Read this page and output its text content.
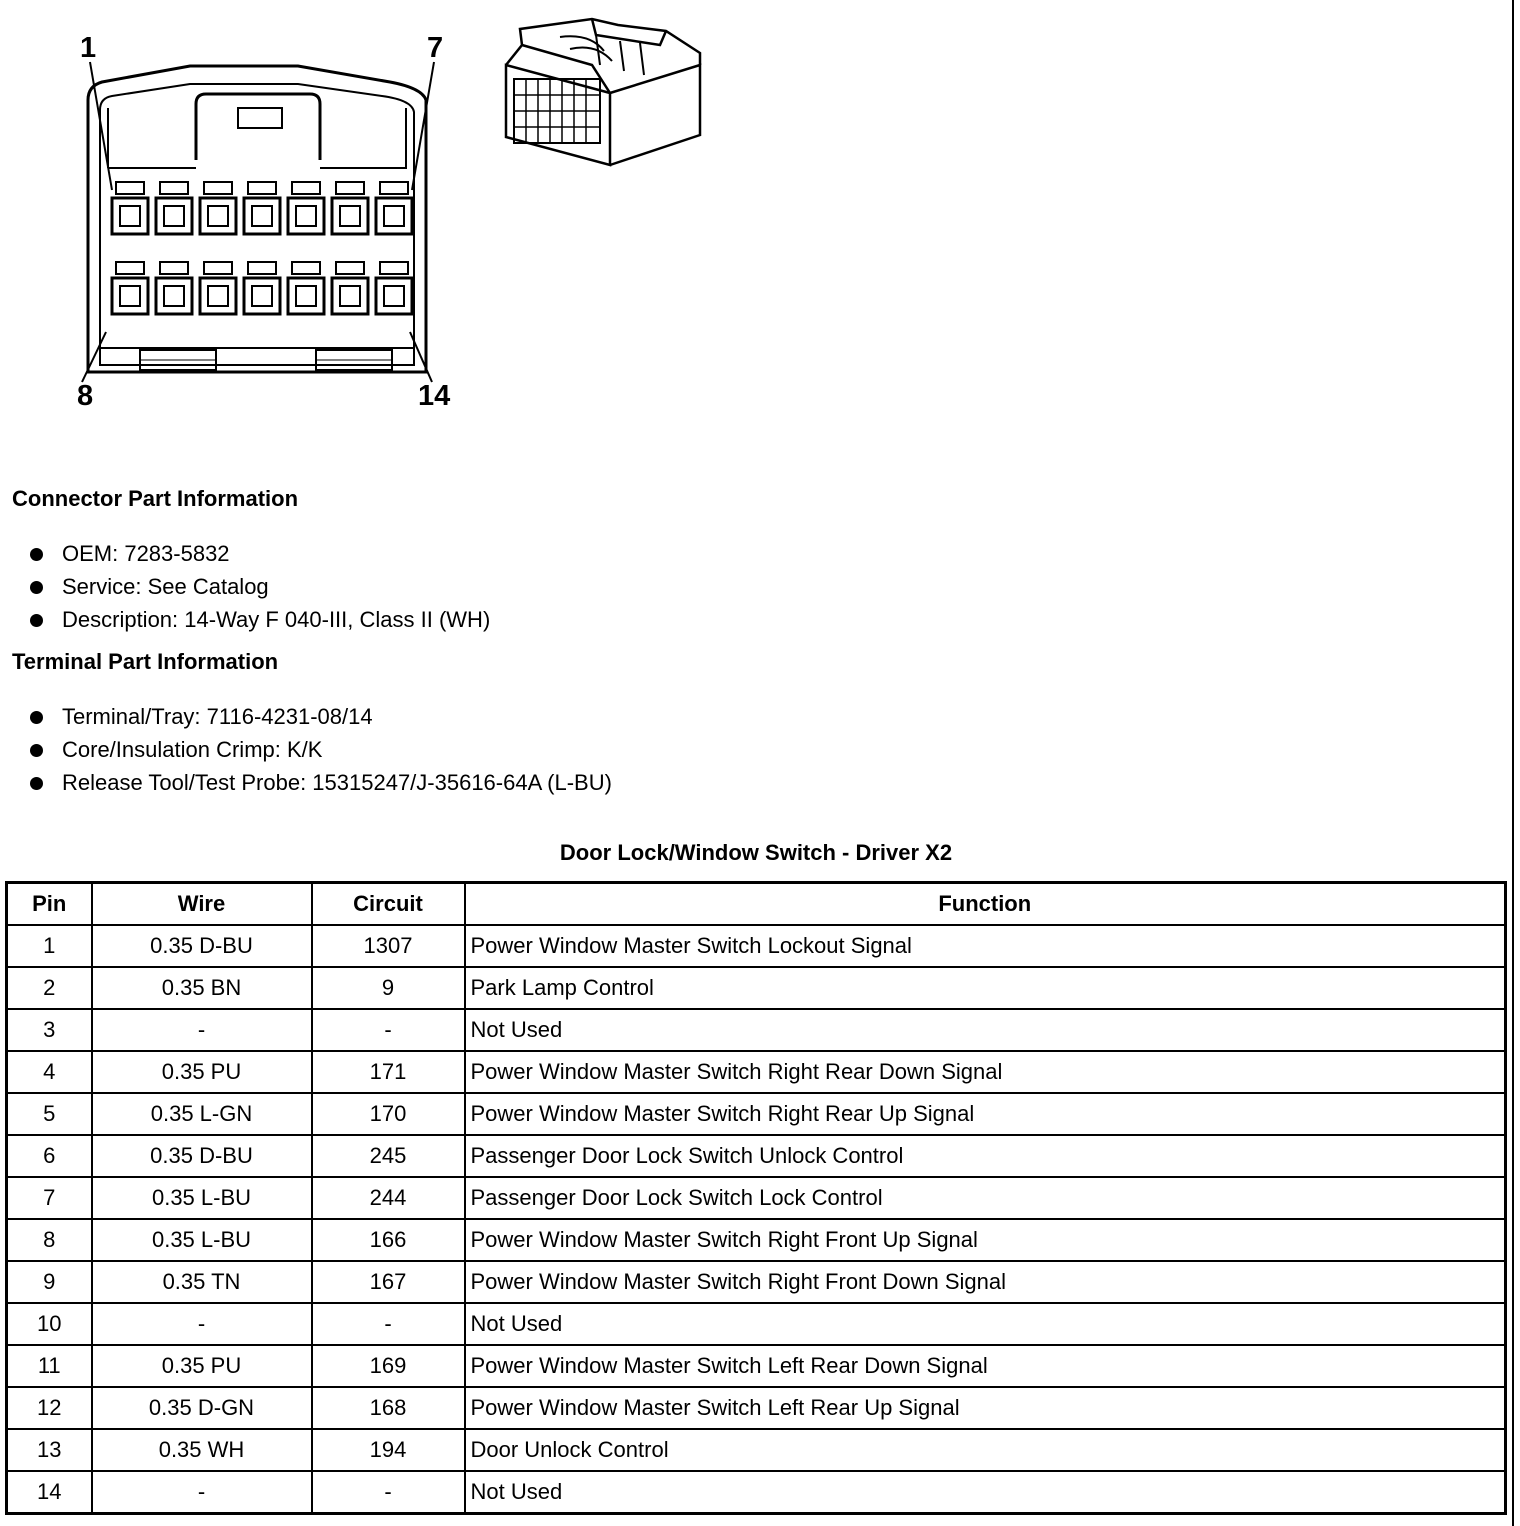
1	7
8	14
Connector Part Information
OEM: 7283-5832
Service: See Catalog
Description: 14-Way F 040-III, Class II (WH)
Terminal Part Information
Terminal/Tray: 7116-4231-08/14
Core/Insulation Crimp: K/K
Release Tool/Test Probe: 15315247/J-35616-64A (L-BU)
Door Lock/Window Switch - Driver X2
Pin	Wire	Circuit	Function
1	0.35 D-BU	1307	Power Window Master Switch Lockout Signal
2	0.35 BN	9	Park Lamp Control
3	-	-	Not Used
4	0.35 PU	171	Power Window Master Switch Right Rear Down Signal
5	0.35 L-GN	170	Power Window Master Switch Right Rear Up Signal
6	0.35 D-BU	245	Passenger Door Lock Switch Unlock Control
7	0.35 L-BU	244	Passenger Door Lock Switch Lock Control
8	0.35 L-BU	166	Power Window Master Switch Right Front Up Signal
9	0.35 TN	167	Power Window Master Switch Right Front Down Signal
10	-	-	Not Used
11	0.35 PU	169	Power Window Master Switch Left Rear Down Signal
12	0.35 D-GN	168	Power Window Master Switch Left Rear Up Signal
13	0.35 WH	194	Door Unlock Control
14	-	-	Not Used
